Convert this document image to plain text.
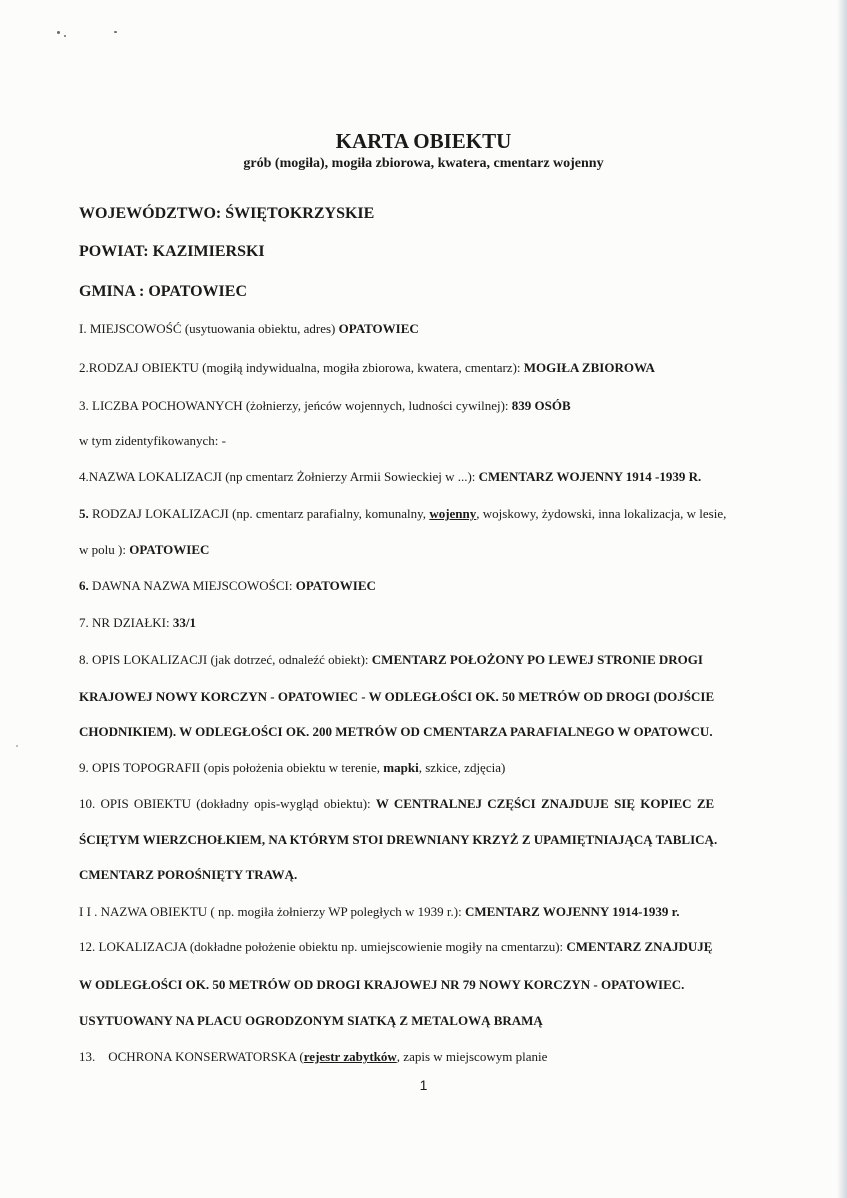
KARTA OBIEKTU
grób (mogiła), mogiła zbiorowa, kwatera, cmentarz wojenny
WOJEWÓDZTWO: ŚWIĘTOKRZYSKIE
POWIAT: KAZIMIERSKI
GMINA : OPATOWIEC
I. MIEJSCOWOŚĆ (usytuowania obiektu, adres) OPATOWIEC
2.RODZAJ OBIEKTU (mogiłą indywidualna, mogiła zbiorowa, kwatera, cmentarz): MOGIŁA ZBIOROWA
3. LICZBA POCHOWANYCH (żołnierzy, jeńców wojennych, ludności cywilnej): 839 OSÓB
w tym zidentyfikowanych: -
4.NAZWA LOKALIZACJI (np cmentarz Żołnierzy Armii Sowieckiej w ...): CMENTARZ WOJENNY 1914 -1939 R.
5. RODZAJ LOKALIZACJI (np. cmentarz parafialny, komunalny, wojenny, wojskowy, żydowski, inna lokalizacja, w lesie,
w polu ): OPATOWIEC
6. DAWNA NAZWA MIEJSCOWOŚCI: OPATOWIEC
7. NR DZIAŁKI: 33/1
8. OPIS LOKALIZACJI (jak dotrzeć, odnaleźć obiekt): CMENTARZ POŁOŻONY PO LEWEJ STRONIE DROGI
KRAJOWEJ NOWY KORCZYN - OPATOWIEC - W ODLEGŁOŚCI OK. 50 METRÓW OD DROGI (DOJŚCIE
CHODNIKIEM). W ODLEGŁOŚCI OK. 200 METRÓW OD CMENTARZA PARAFIALNEGO W OPATOWCU.
9. OPIS TOPOGRAFII (opis położenia obiektu w terenie, mapki, szkice, zdjęcia)
10. OPIS OBIEKTU (dokładny opis-wygląd obiektu): W CENTRALNEJ CZĘŚCI ZNAJDUJE SIĘ KOPIEC ZE
ŚCIĘTYM WIERZCHOŁKIEM, NA KTÓRYM STOI DREWNIANY KRZYŻ Z UPAMIĘTNIAJĄCĄ TABLICĄ.
CMENTARZ POROŚNIĘTY TRAWĄ.
I I . NAZWA OBIEKTU ( np. mogiła żołnierzy WP poległych w 1939 r.): CMENTARZ WOJENNY 1914-1939 r.
12. LOKALIZACJA (dokładne położenie obiektu np. umiejscowienie mogiły na cmentarzu): CMENTARZ ZNAJDUJĘ
W ODLEGŁOŚCI OK. 50 METRÓW OD DROGI KRAJOWEJ NR 79 NOWY KORCZYN - OPATOWIEC.
USYTUOWANY NA PLACU OGRODZONYM SIATKĄ Z METALOWĄ BRAMĄ
13.    OCHRONA KONSERWATORSKA (rejestr zabytków, zapis w miejscowym planie
1
